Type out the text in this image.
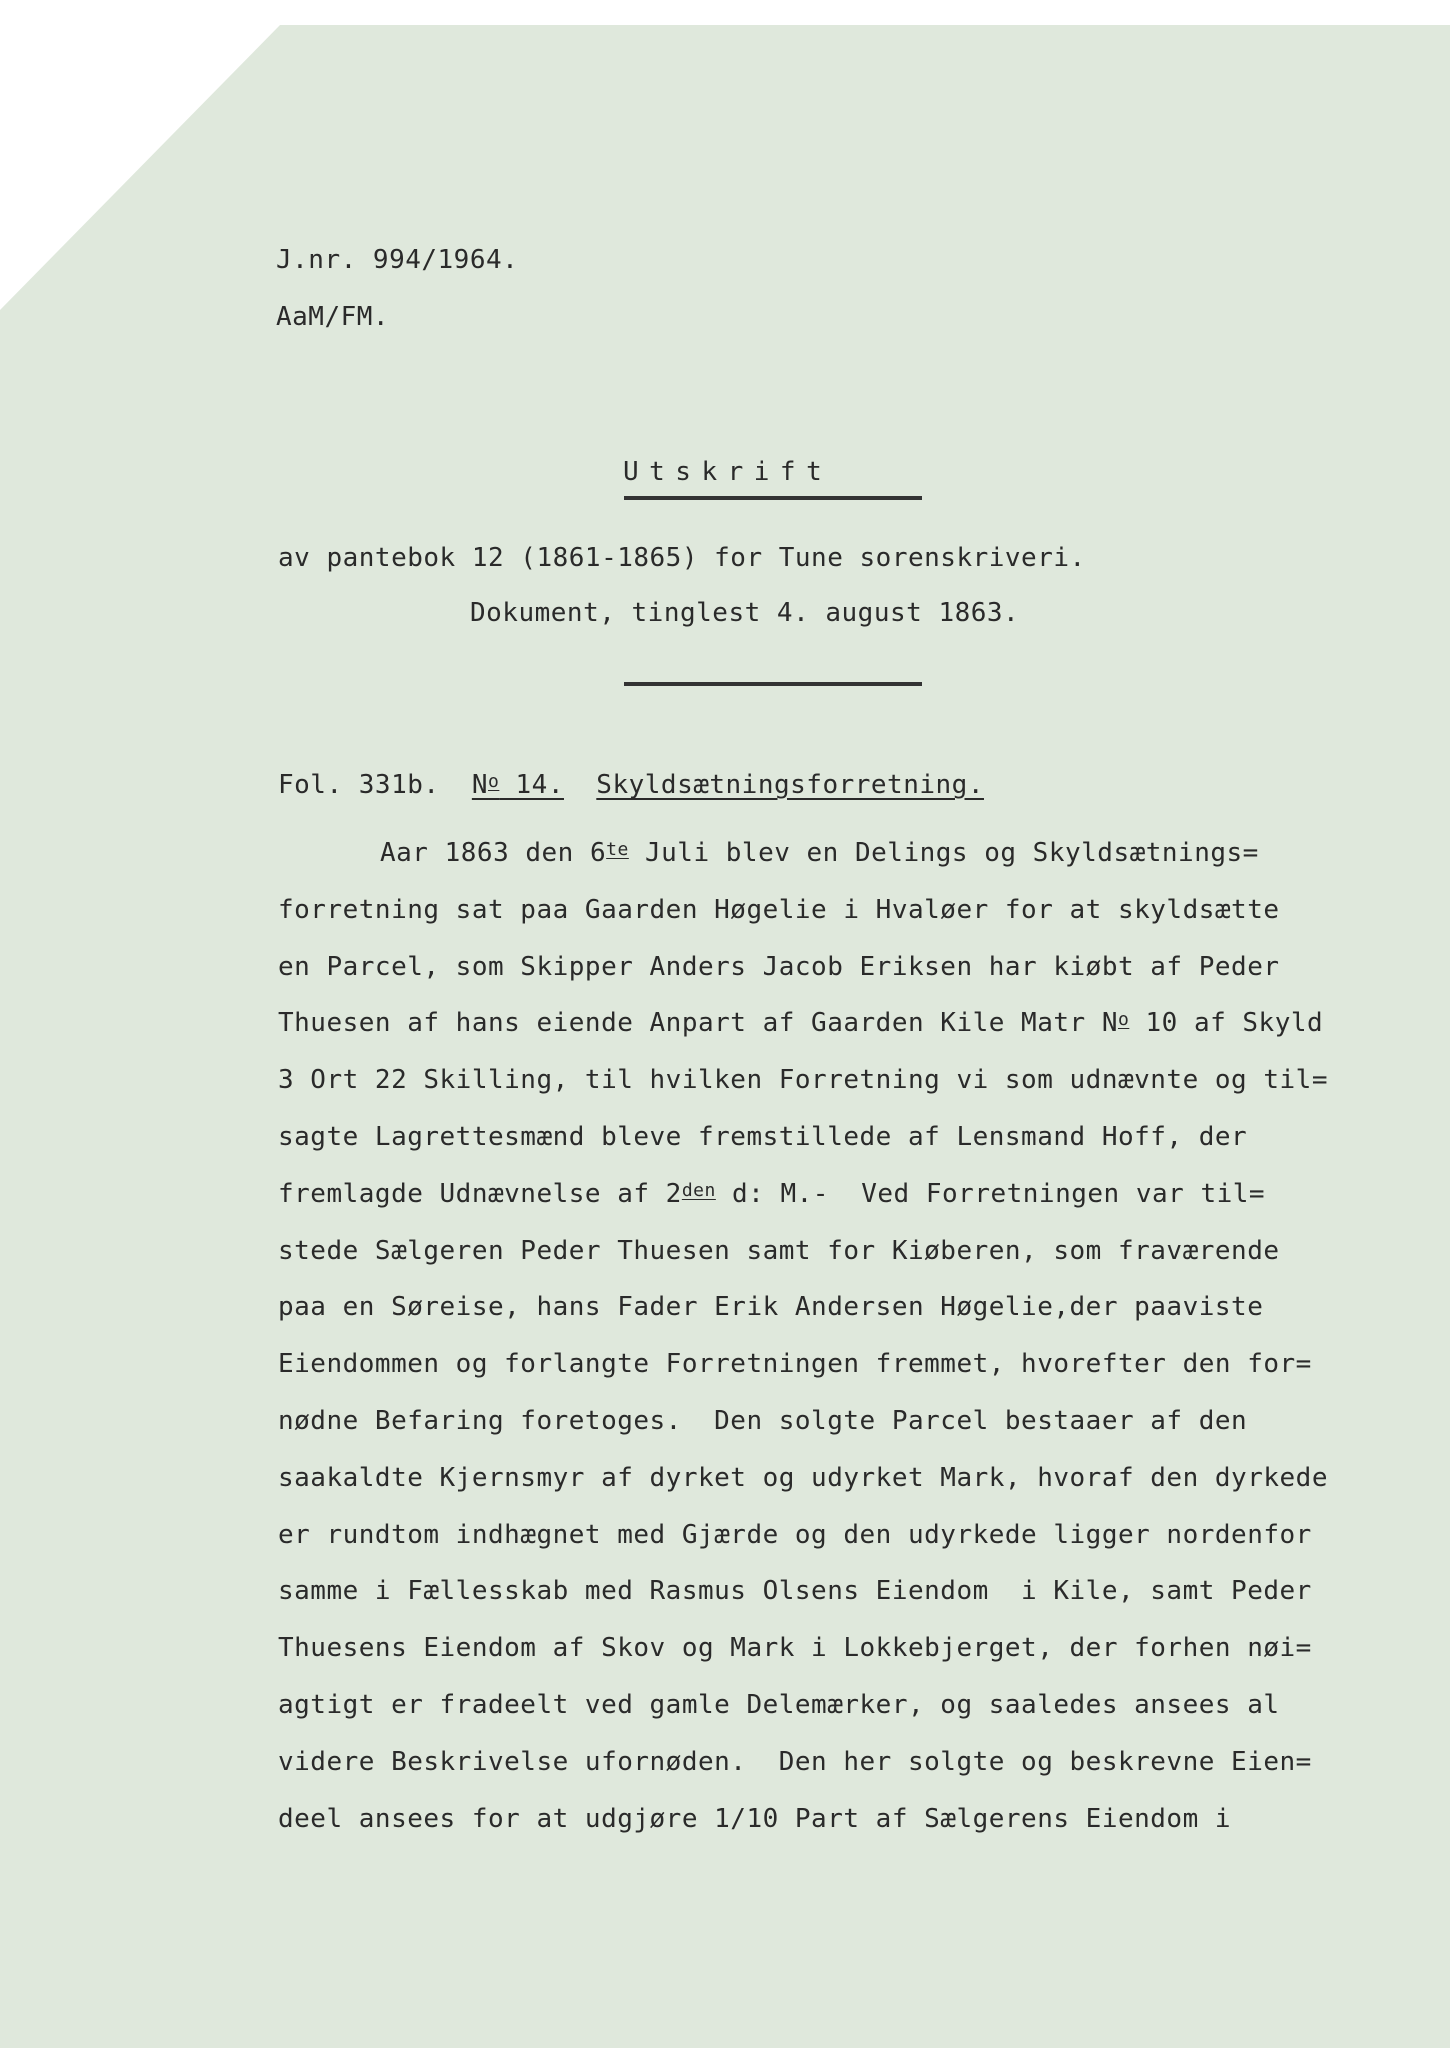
J.nr. 994/1964.
AaM/FM.
Utskrift
av pantebok 12 (1861-1865) for Tune sorenskriveri.
Dokument, tinglest 4. august 1863.
Fol. 331b. $N^o$ 14. Skyldsætningsforretning.
Aar 1863 den $6^{te}$ Juli blev en Delings og Skyldsætnings=
forretning sat paa Gaarden Høgelie i Hvaløer for at skyldsætte
en Parcel, som Skipper Anders Jacob Eriksen har kiøbt af Peder
Thuesen af hans eiende Anpart af Gaarden Kile Matr $N^o$ 10 af Skyld
3 Ort 22 Skilling, til hvilken Forretning vi som udnævnte og til=
sagte Lagrettesmænd bleve fremstillede af Lensmand Hoff, der
fremlagde Udnævnelse af $2^{den}$ d: M.-  Ved Forretningen var til=
stede Sælgeren Peder Thuesen samt for Kiøberen, som fraværende
paa en Søreise, hans Fader Erik Andersen Høgelie,der paaviste
Eiendommen og forlangte Forretningen fremmet, hvorefter den for=
nødne Befaring foretoges.  Den solgte Parcel bestaaer af den
saakaldte Kjernsmyr af dyrket og udyrket Mark, hvoraf den dyrkede
er rundtom indhægnet med Gjærde og den udyrkede ligger nordenfor
samme i Fællesskab med Rasmus Olsens Eiendom  i Kile, samt Peder
Thuesens Eiendom af Skov og Mark i Lokkebjerget, der forhen nøi=
agtigt er fradeelt ved gamle Delemærker, og saaledes ansees al
videre Beskrivelse ufornøden.  Den her solgte og beskrevne Eien=
deel ansees for at udgjøre 1/10 Part af Sælgerens Eiendom i
